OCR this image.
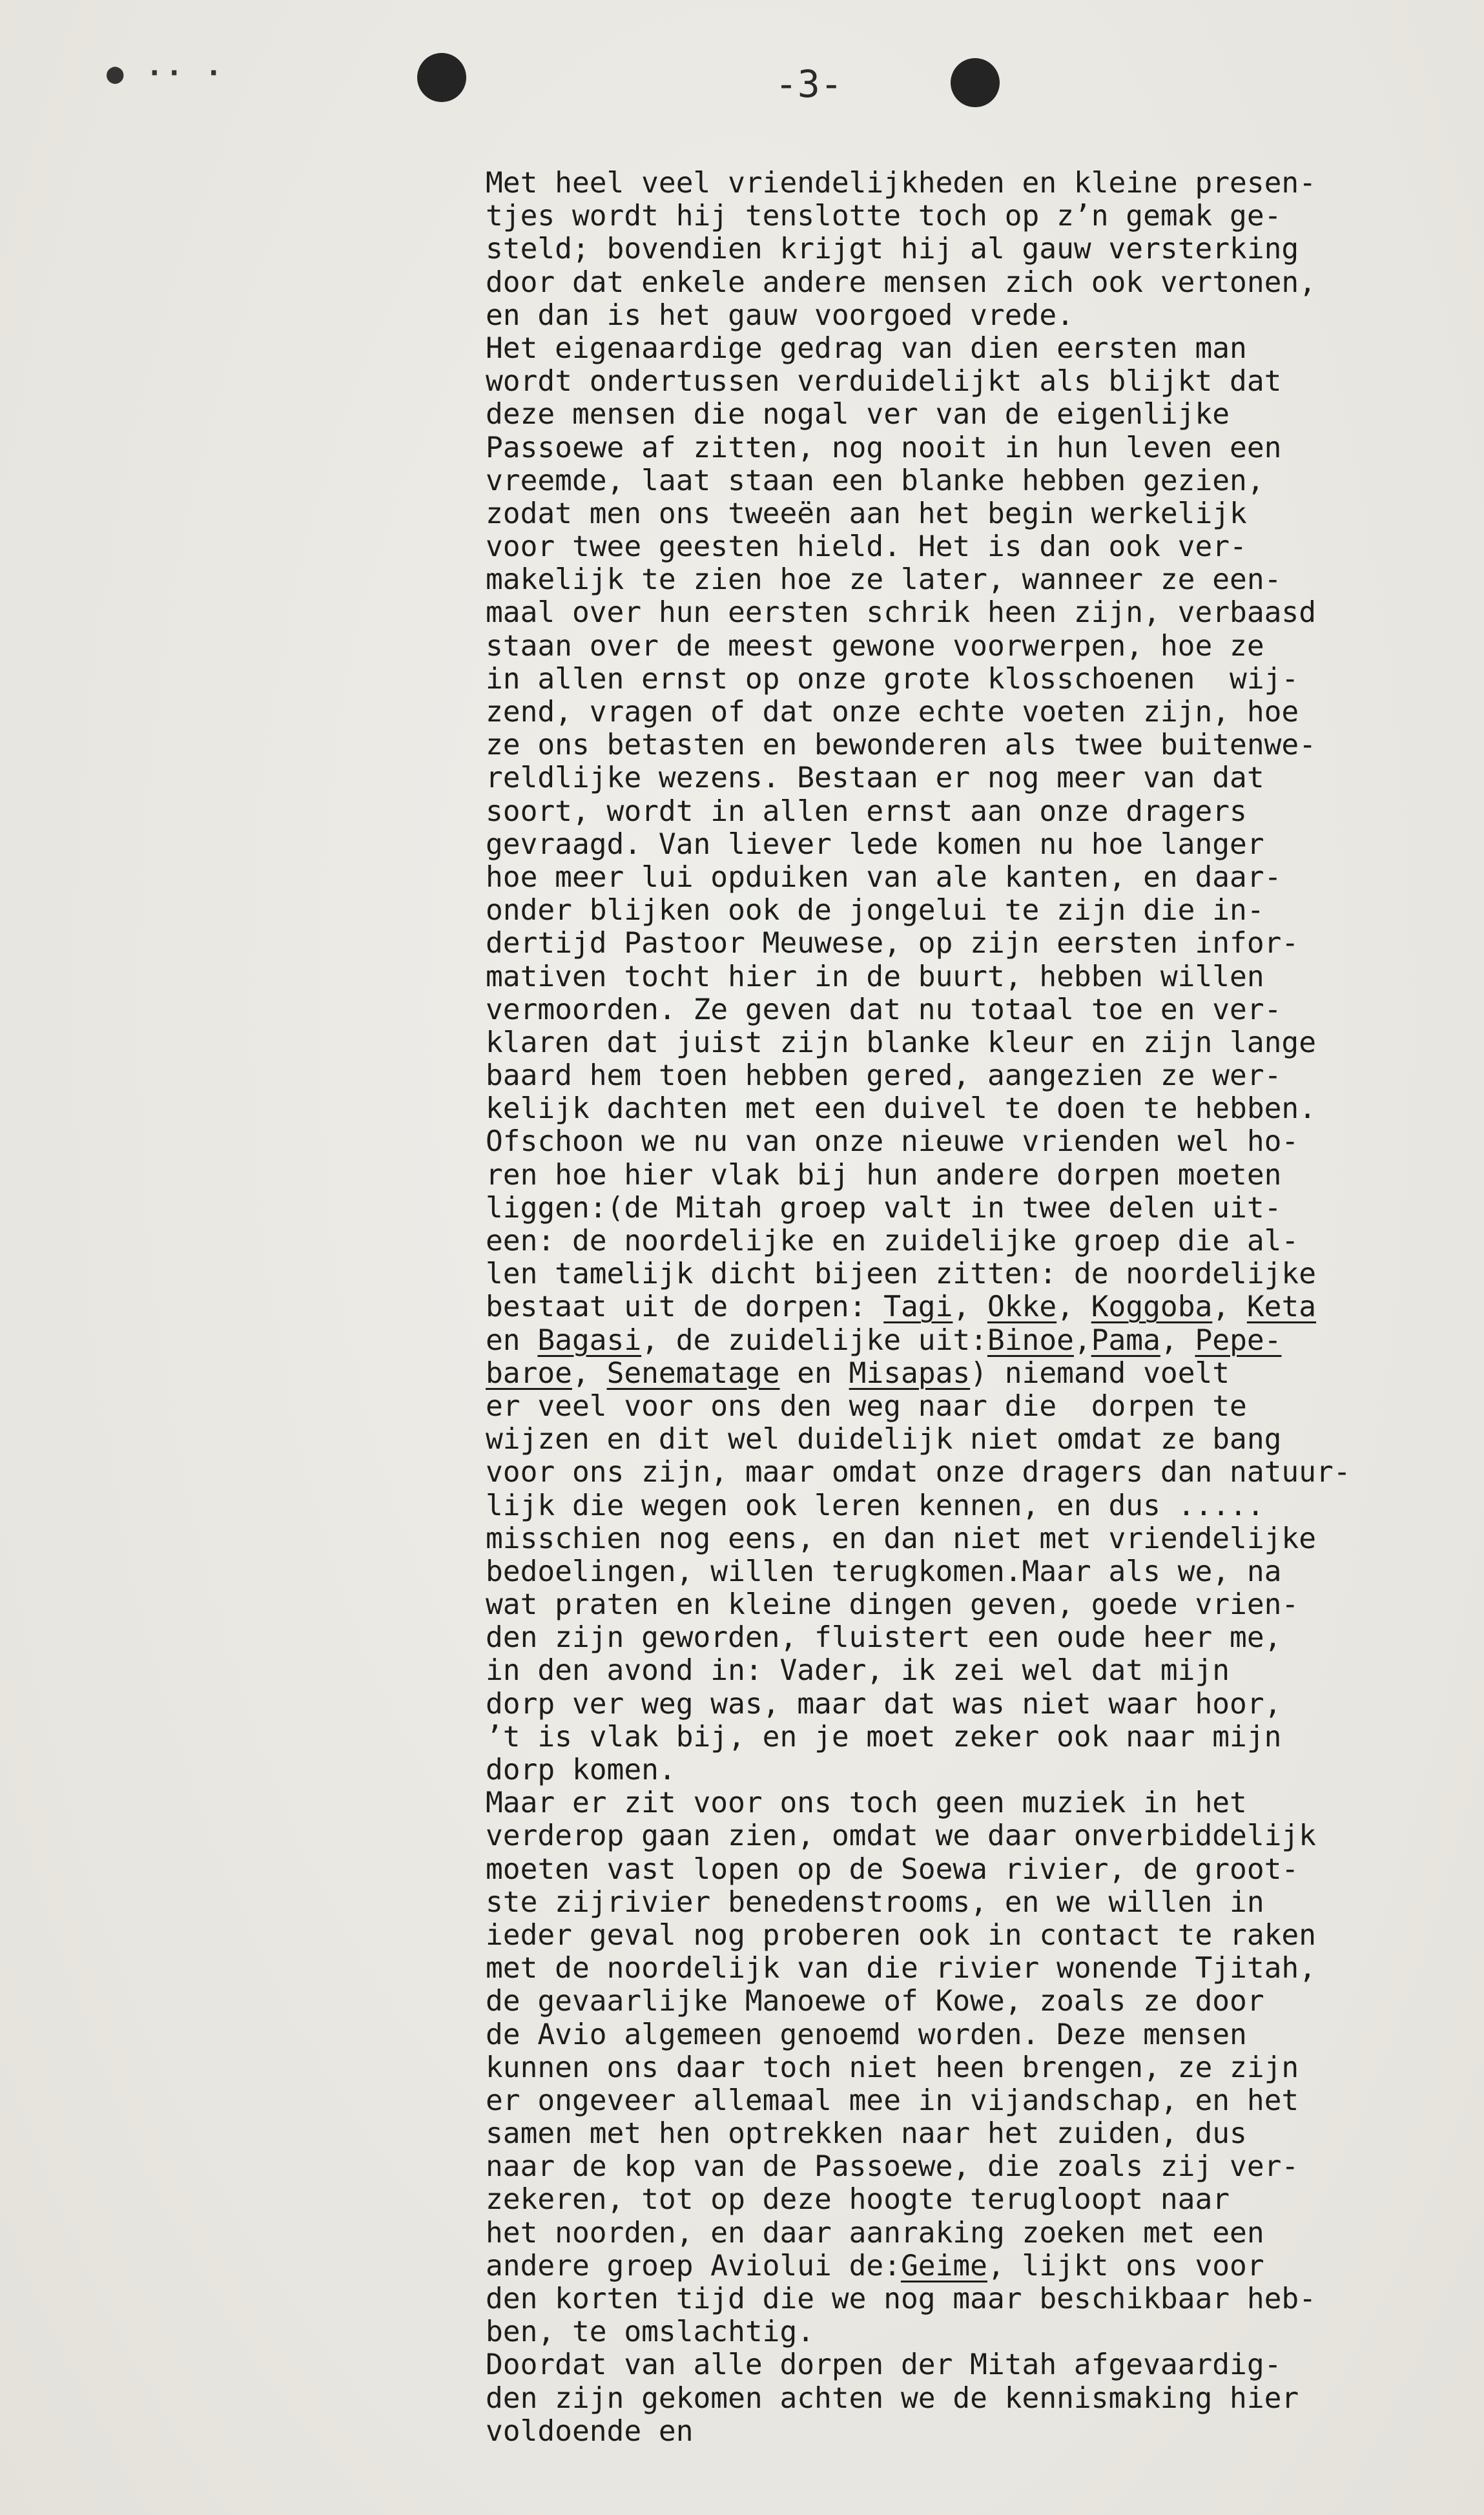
● ·· ·	-3-
Met heel veel vriendelijkheden en kleine presen-
tjes wordt hij tenslotte toch op z’n gemak ge-
steld; bovendien krijgt hij al gauw versterking
door dat enkele andere mensen zich ook vertonen,
en dan is het gauw voorgoed vrede.
Het eigenaardige gedrag van dien eersten man
wordt ondertussen verduidelijkt als blijkt dat
deze mensen die nogal ver van de eigenlijke
Passoewe af zitten, nog nooit in hun leven een
vreemde, laat staan een blanke hebben gezien,
zodat men ons tweeën aan het begin werkelijk
voor twee geesten hield. Het is dan ook ver-
makelijk te zien hoe ze later, wanneer ze een-
maal over hun eersten schrik heen zijn, verbaasd
staan over de meest gewone voorwerpen, hoe ze
in allen ernst op onze grote klosschoenen  wij-
zend, vragen of dat onze echte voeten zijn, hoe
ze ons betasten en bewonderen als twee buitenwe-
reldlijke wezens. Bestaan er nog meer van dat
soort, wordt in allen ernst aan onze dragers
gevraagd. Van liever lede komen nu hoe langer
hoe meer lui opduiken van ale kanten, en daar-
onder blijken ook de jongelui te zijn die in-
dertijd Pastoor Meuwese, op zijn eersten infor-
mativen tocht hier in de buurt, hebben willen
vermoorden. Ze geven dat nu totaal toe en ver-
klaren dat juist zijn blanke kleur en zijn lange
baard hem toen hebben gered, aangezien ze wer-
kelijk dachten met een duivel te doen te hebben.
Ofschoon we nu van onze nieuwe vrienden wel ho-
ren hoe hier vlak bij hun andere dorpen moeten
liggen:(de Mitah groep valt in twee delen uit-
een: de noordelijke en zuidelijke groep die al-
len tamelijk dicht bijeen zitten: de noordelijke
bestaat uit de dorpen: Tagi, Okke, Koggoba, Keta
en Bagasi, de zuidelijke uit:Binoe,Pama, Pepe-
baroe, Senematage en Misapas) niemand voelt
er veel voor ons den weg naar die  dorpen te
wijzen en dit wel duidelijk niet omdat ze bang
voor ons zijn, maar omdat onze dragers dan natuur-
lijk die wegen ook leren kennen, en dus .....
misschien nog eens, en dan niet met vriendelijke
bedoelingen, willen terugkomen.Maar als we, na
wat praten en kleine dingen geven, goede vrien-
den zijn geworden, fluistert een oude heer me,
in den avond in: Vader, ik zei wel dat mijn
dorp ver weg was, maar dat was niet waar hoor,
’t is vlak bij, en je moet zeker ook naar mijn
dorp komen.
Maar er zit voor ons toch geen muziek in het
verderop gaan zien, omdat we daar onverbiddelijk
moeten vast lopen op de Soewa rivier, de groot-
ste zijrivier benedenstrooms, en we willen in
ieder geval nog proberen ook in contact te raken
met de noordelijk van die rivier wonende Tjitah,
de gevaarlijke Manoewe of Kowe, zoals ze door
de Avio algemeen genoemd worden. Deze mensen
kunnen ons daar toch niet heen brengen, ze zijn
er ongeveer allemaal mee in vijandschap, en het
samen met hen optrekken naar het zuiden, dus
naar de kop van de Passoewe, die zoals zij ver-
zekeren, tot op deze hoogte terugloopt naar
het noorden, en daar aanraking zoeken met een
andere groep Aviolui de:Geime, lijkt ons voor
den korten tijd die we nog maar beschikbaar heb-
ben, te omslachtig.
Doordat van alle dorpen der Mitah afgevaardig-
den zijn gekomen achten we de kennismaking hier
voldoende en
